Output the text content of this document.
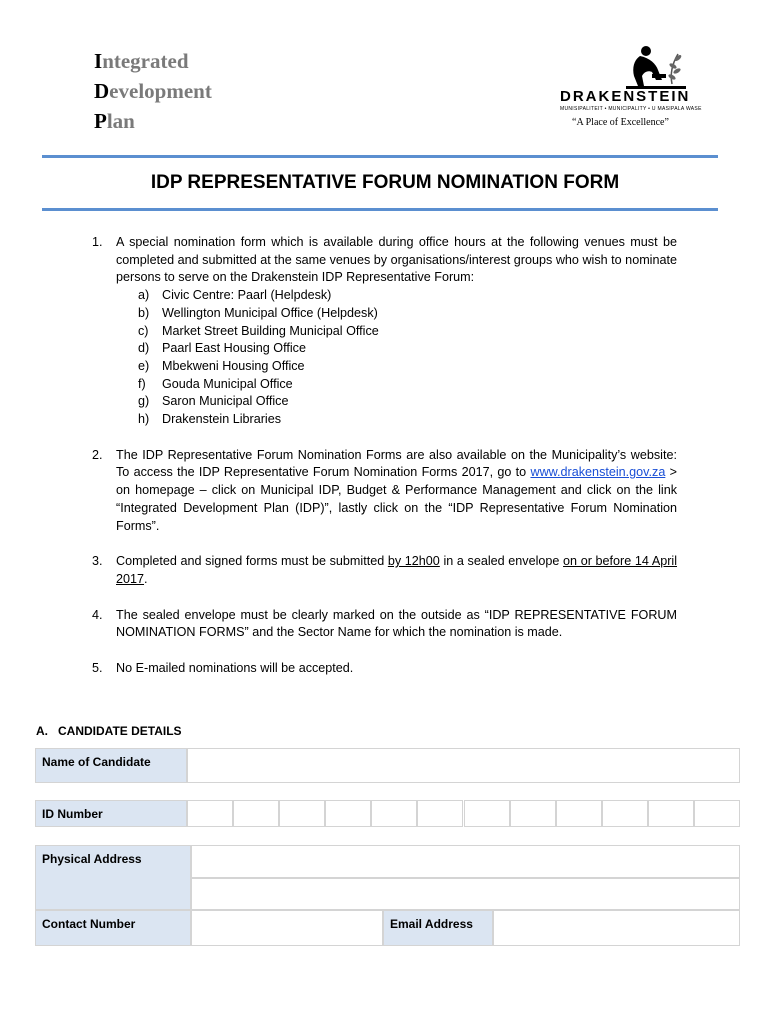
Integrated
Development
Plan
DRAKENSTEIN
MUNISIPALITEIT • MUNICIPALITY • U MASIPALA WASE
“A Place of Excellence”
IDP REPRESENTATIVE FORUM NOMINATION FORM
1. A special nomination form which is available during office hours at the following venues must be completed and submitted at the same venues by organisations/interest groups who wish to nominate persons to serve on the Drakenstein IDP Representative Forum:
a) Civic Centre: Paarl (Helpdesk)
b) Wellington Municipal Office (Helpdesk)
c) Market Street Building Municipal Office
d) Paarl East Housing Office
e) Mbekweni Housing Office
f) Gouda Municipal Office
g) Saron Municipal Office
h) Drakenstein Libraries
2. The IDP Representative Forum Nomination Forms are also available on the Municipality’s website: To access the IDP Representative Forum Nomination Forms 2017, go to www.drakenstein.gov.za > on homepage – click on Municipal IDP, Budget & Performance Management and click on the link “Integrated Development Plan (IDP)”, lastly click on the “IDP Representative Forum Nomination Forms”.
3. Completed and signed forms must be submitted by 12h00 in a sealed envelope on or before 14 April 2017.
4. The sealed envelope must be clearly marked on the outside as “IDP REPRESENTATIVE FORUM NOMINATION FORMS” and the Sector Name for which the nomination is made.
5. No E-mailed nominations will be accepted.
A.   CANDIDATE DETAILS
Name of Candidate
ID Number
Physical Address
Contact Number	Email Address
